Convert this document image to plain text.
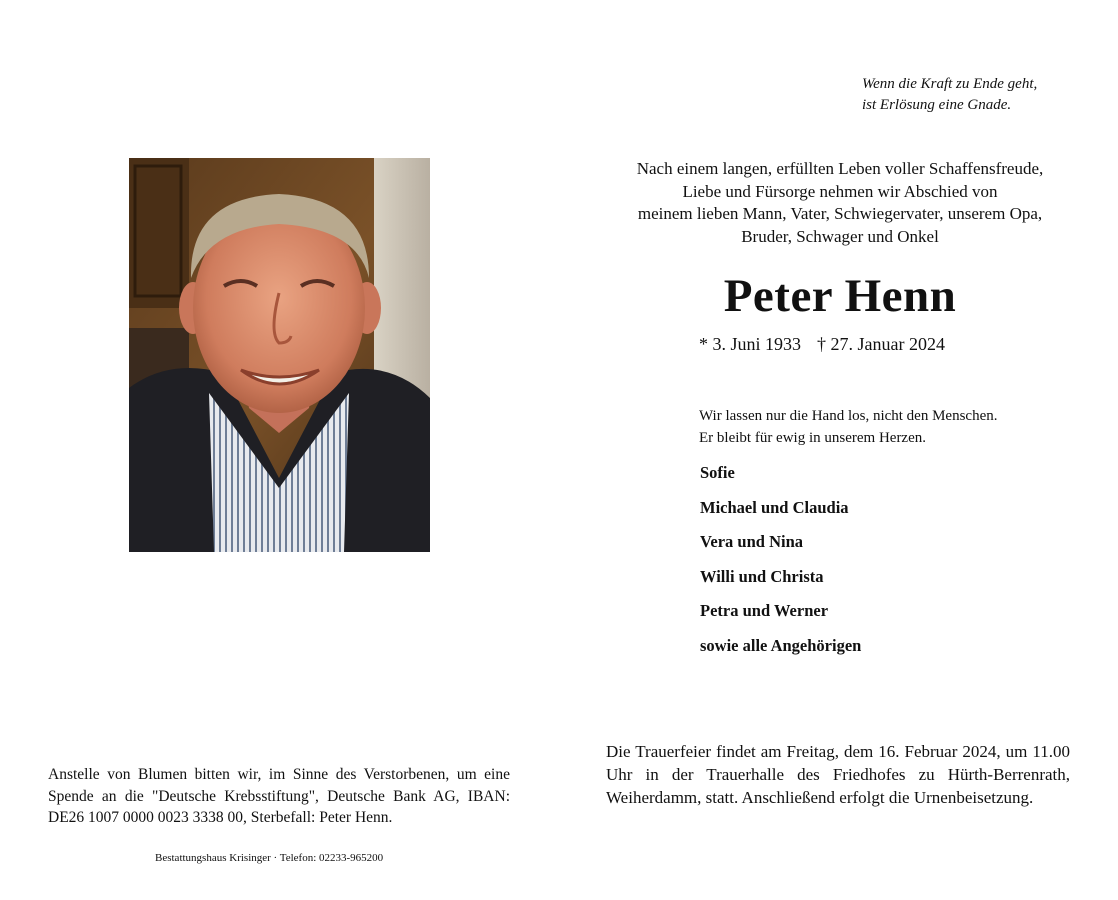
Wenn die Kraft zu Ende geht,
ist Erlösung eine Gnade.
Nach einem langen, erfüllten Leben voller Schaffensfreude,
Liebe und Fürsorge nehmen wir Abschied von
meinem lieben Mann, Vater, Schwiegervater, unserem Opa,
Bruder, Schwager und Onkel
Peter Henn
* 3. Juni 1933 † 27. Januar 2024
Wir lassen nur die Hand los, nicht den Menschen.
Er bleibt für ewig in unserem Herzen.
Sofie
Michael und Claudia
Vera und Nina
Willi und Christa
Petra und Werner
sowie alle Angehörigen
Die Trauerfeier findet am Freitag, dem 16. Februar 2024, um 11.00 Uhr in der Trauerhalle des Friedhofes zu Hürth-Berrenrath, Weiherdamm, statt. Anschließend erfolgt die Urnenbeisetzung.
Anstelle von Blumen bitten wir, im Sinne des Verstorbenen, um eine Spende an die "Deutsche Krebsstiftung", Deutsche Bank AG, IBAN: DE26 1007 0000 0023 3338 00, Sterbefall: Peter Henn.
Bestattungshaus Krisinger · Telefon: 02233-965200
